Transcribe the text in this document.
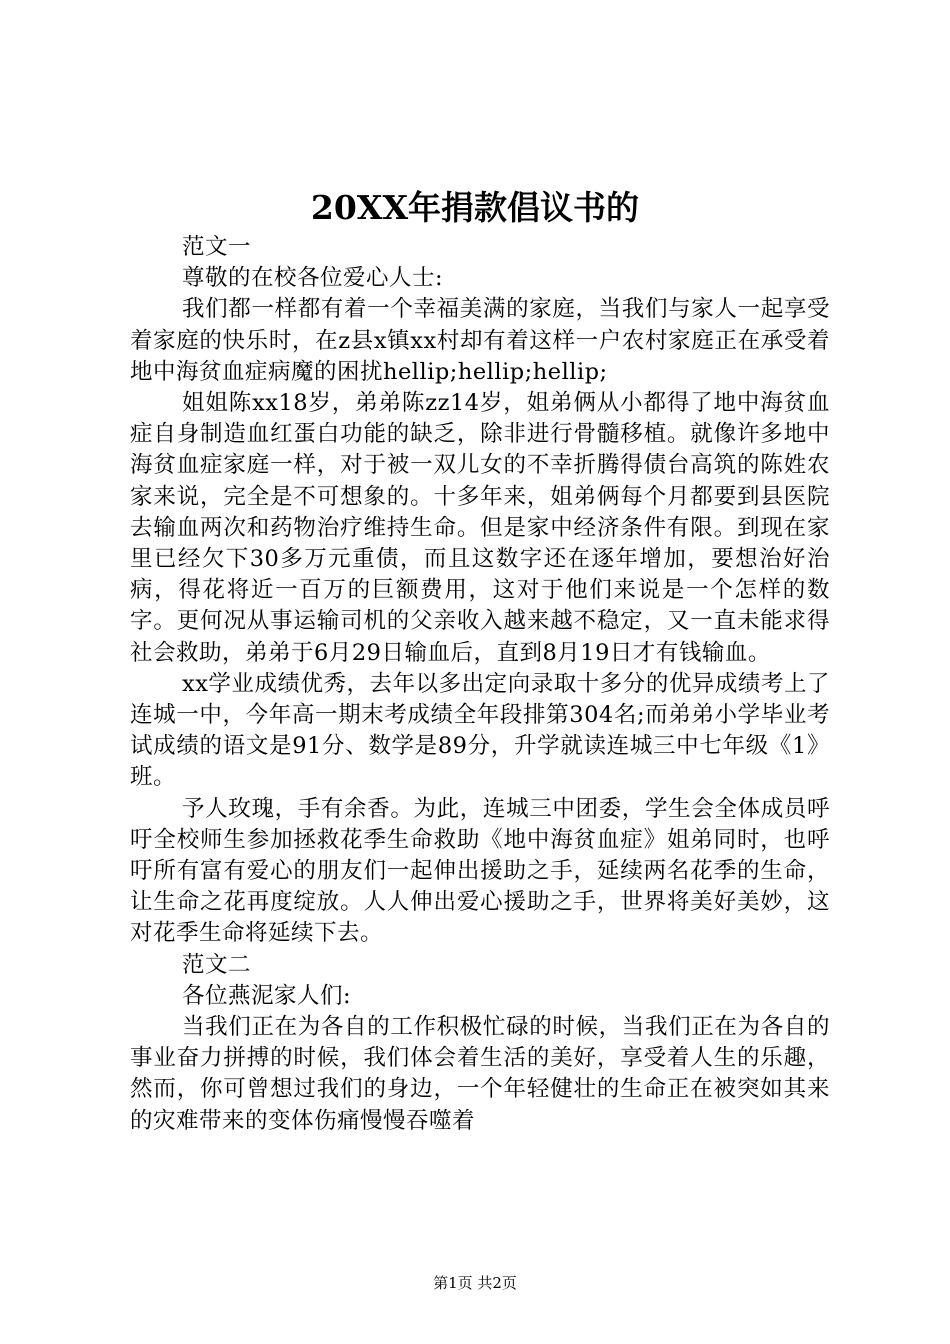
20XX年捐款倡议书的

范文一

尊敬的在校各位爱心人士:

我们都一样都有着一个幸福美满的家庭，当我们与家人一起享受着家庭的快乐时，在z县x镇xx村却有着这样一户农村家庭正在承受着地中海贫血症病魔的困扰hellip;hellip;hellip;

姐姐陈xx18岁，弟弟陈zz14岁，姐弟俩从小都得了地中海贫血症自身制造血红蛋白功能的缺乏，除非进行骨髓移植。就像许多地中海贫血症家庭一样，对于被一双儿女的不幸折腾得债台高筑的陈姓农家来说，完全是不可想象的。十多年来，姐弟俩每个月都要到县医院去输血两次和药物治疗维持生命。但是家中经济条件有限。到现在家里已经欠下30多万元重债，而且这数字还在逐年增加，要想治好治病，得花将近一百万的巨额费用，这对于他们来说是一个怎样的数字。更何况从事运输司机的父亲收入越来越不稳定，又一直未能求得社会救助，弟弟于6月29日输血后，直到8月19日才有钱输血。

xx学业成绩优秀，去年以多出定向录取十多分的优异成绩考上了连城一中，今年高一期末考成绩全年段排第304名;而弟弟小学毕业考试成绩的语文是91分、数学是89分，升学就读连城三中七年级《1》班。

予人玫瑰，手有余香。为此，连城三中团委，学生会全体成员呼吁全校师生参加拯救花季生命救助《地中海贫血症》姐弟同时，也呼吁所有富有爱心的朋友们一起伸出援助之手，延续两名花季的生命，让生命之花再度绽放。人人伸出爱心援助之手，世界将美好美妙，这对花季生命将延续下去。

范文二

各位燕泥家人们:

当我们正在为各自的工作积极忙碌的时候，当我们正在为各自的事业奋力拼搏的时候，我们体会着生活的美好，享受着人生的乐趣，然而，你可曾想过我们的身边，一个年轻健壮的生命正在被突如其来的灾难带来的变体伤痛慢慢吞噬着

第1页 共2页
